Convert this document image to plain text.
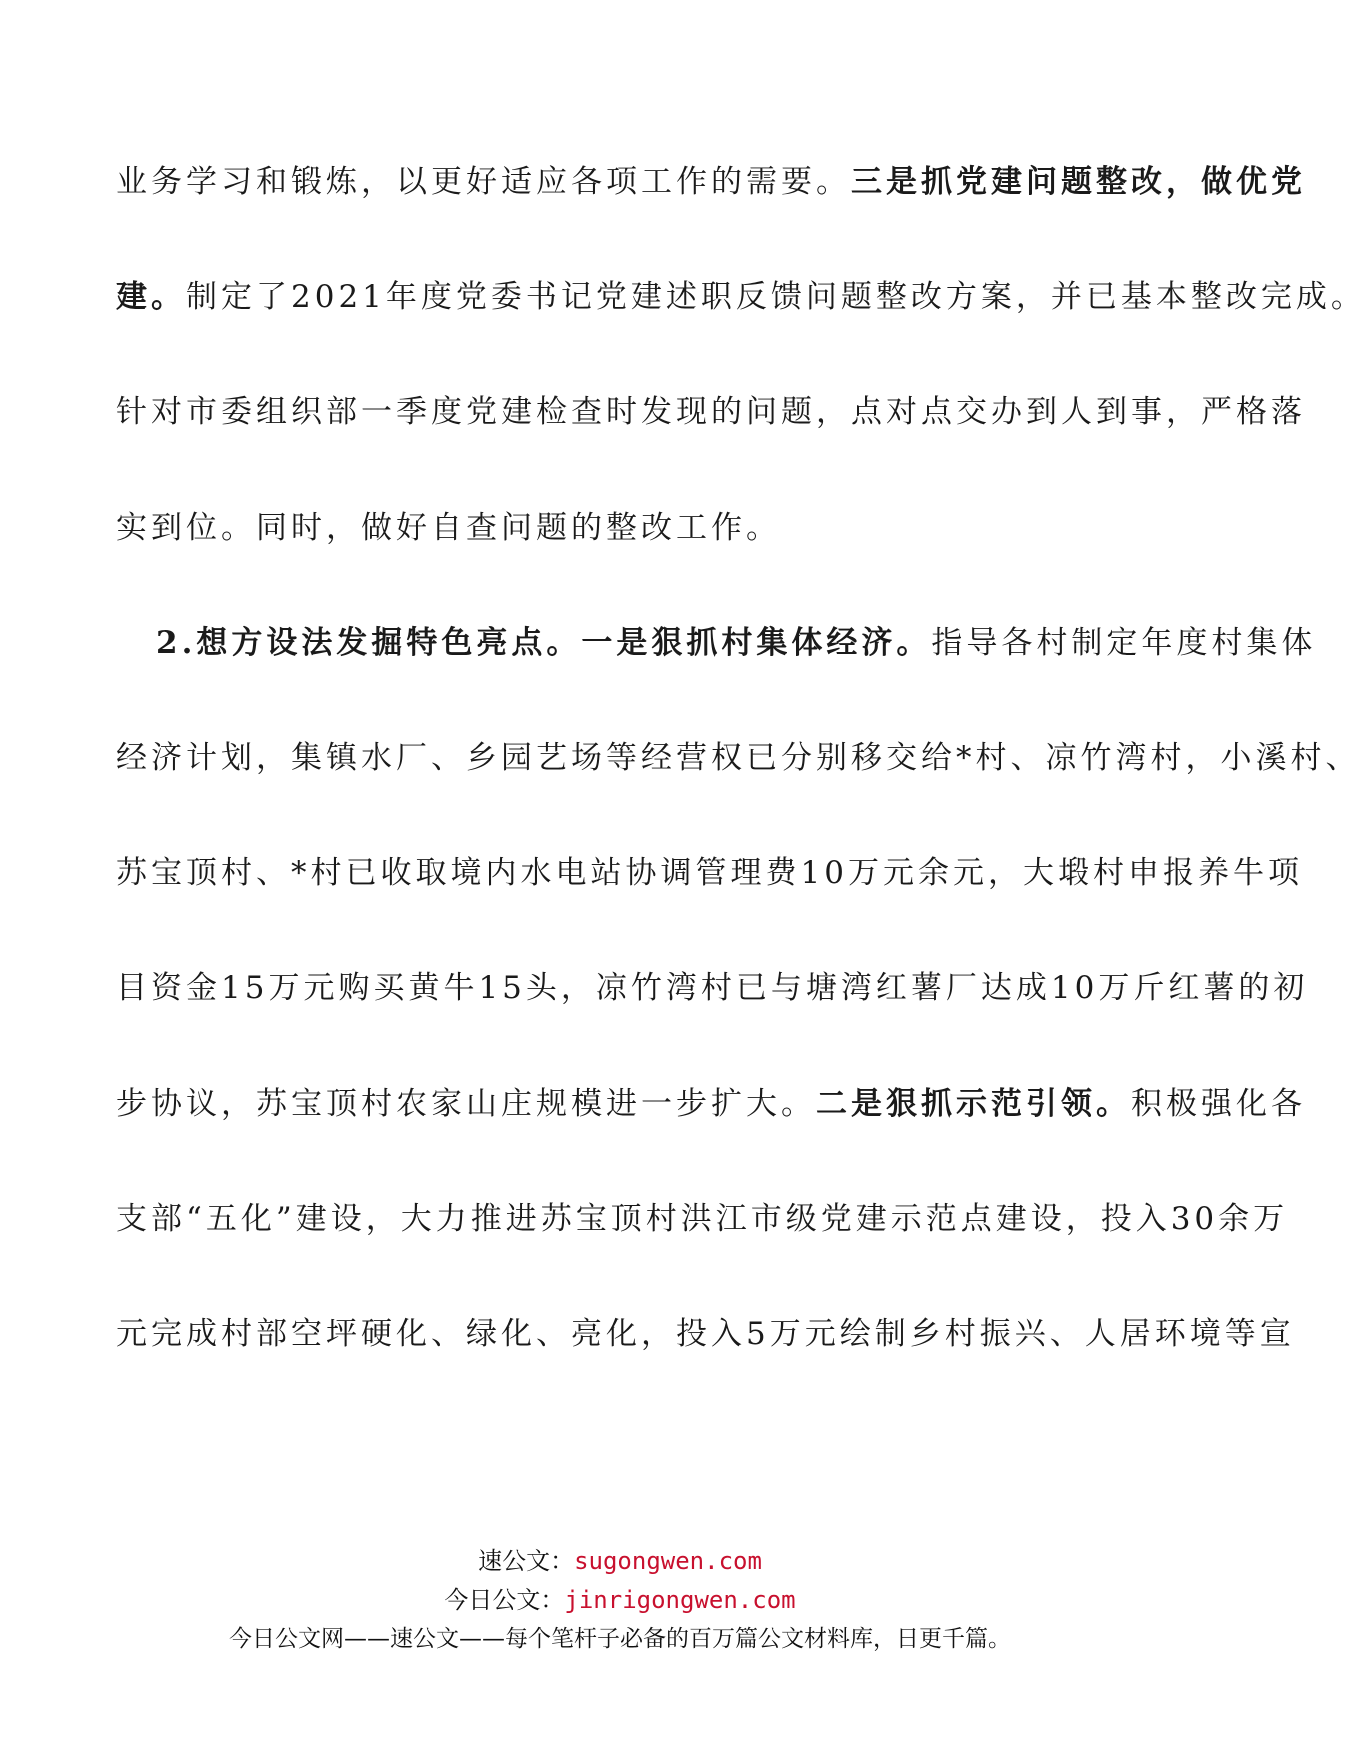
业务学习和锻炼，以更好适应各项工作的需要。三是抓党建问题整改，做优党
建。制定了2021年度党委书记党建述职反馈问题整改方案，并已基本整改完成。
针对市委组织部一季度党建检查时发现的问题，点对点交办到人到事，严格落
实到位。同时，做好自查问题的整改工作。
2.想方设法发掘特色亮点。一是狠抓村集体经济。指导各村制定年度村集体
经济计划，集镇水厂、乡园艺场等经营权已分别移交给*村、凉竹湾村，小溪村、
苏宝顶村、*村已收取境内水电站协调管理费10万元余元，大塅村申报养牛项
目资金15万元购买黄牛15头，凉竹湾村已与塘湾红薯厂达成10万斤红薯的初
步协议，苏宝顶村农家山庄规模进一步扩大。二是狠抓示范引领。积极强化各
支部“五化”建设，大力推进苏宝顶村洪江市级党建示范点建设，投入30余万
元完成村部空坪硬化、绿化、亮化，投入5万元绘制乡村振兴、人居环境等宣
速公文：sugongwen.com
今日公文：jinrigongwen.com
今日公文网——速公文——每个笔杆子必备的百万篇公文材料库，日更千篇。
